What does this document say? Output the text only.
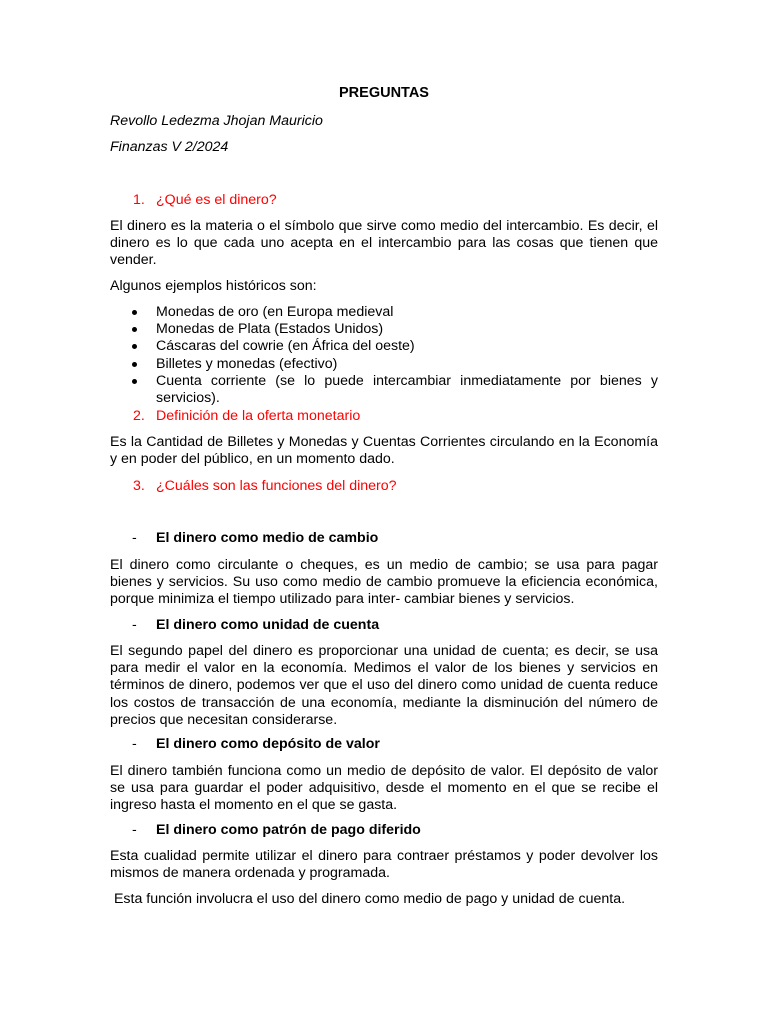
PREGUNTAS
Revollo Ledezma Jhojan Mauricio
Finanzas V 2/2024
1. ¿Qué es el dinero?

El dinero es la materia o el símbolo que sirve como medio del intercambio. Es decir, el dinero es lo que cada uno acepta en el intercambio para las cosas que tienen que vender.

Algunos ejemplos históricos son:

Monedas de oro (en Europa medieval
Monedas de Plata (Estados Unidos)
Cáscaras del cowrie (en África del oeste)
Billetes y monedas (efectivo)
Cuenta corriente (se lo puede intercambiar inmediatamente por bienes y servicios).
2. Definición de la oferta monetario

Es la Cantidad de Billetes y Monedas y Cuentas Corrientes circulando en la Economía y en poder del público, en un momento dado.

3. ¿Cuáles son las funciones del dinero?
- El dinero como medio de cambio

El dinero como circulante o cheques, es un medio de cambio; se usa para pagar bienes y servicios. Su uso como medio de cambio promueve la eficiencia económica, porque minimiza el tiempo utilizado para inter- cambiar bienes y servicios.

- El dinero como unidad de cuenta

El segundo papel del dinero es proporcionar una unidad de cuenta; es decir, se usa para medir el valor en la economía. Medimos el valor de los bienes y servicios en términos de dinero, podemos ver que el uso del dinero como unidad de cuenta reduce los costos de transacción de una economía, mediante la disminución del número de precios que necesitan considerarse.

- El dinero como depósito de valor

El dinero también funciona como un medio de depósito de valor. El depósito de valor se usa para guardar el poder adquisitivo, desde el momento en el que se recibe el ingreso hasta el momento en el que se gasta.

- El dinero como patrón de pago diferido

Esta cualidad permite utilizar el dinero para contraer préstamos y poder devolver los mismos de manera ordenada y programada.

Esta función involucra el uso del dinero como medio de pago y unidad de cuenta.
